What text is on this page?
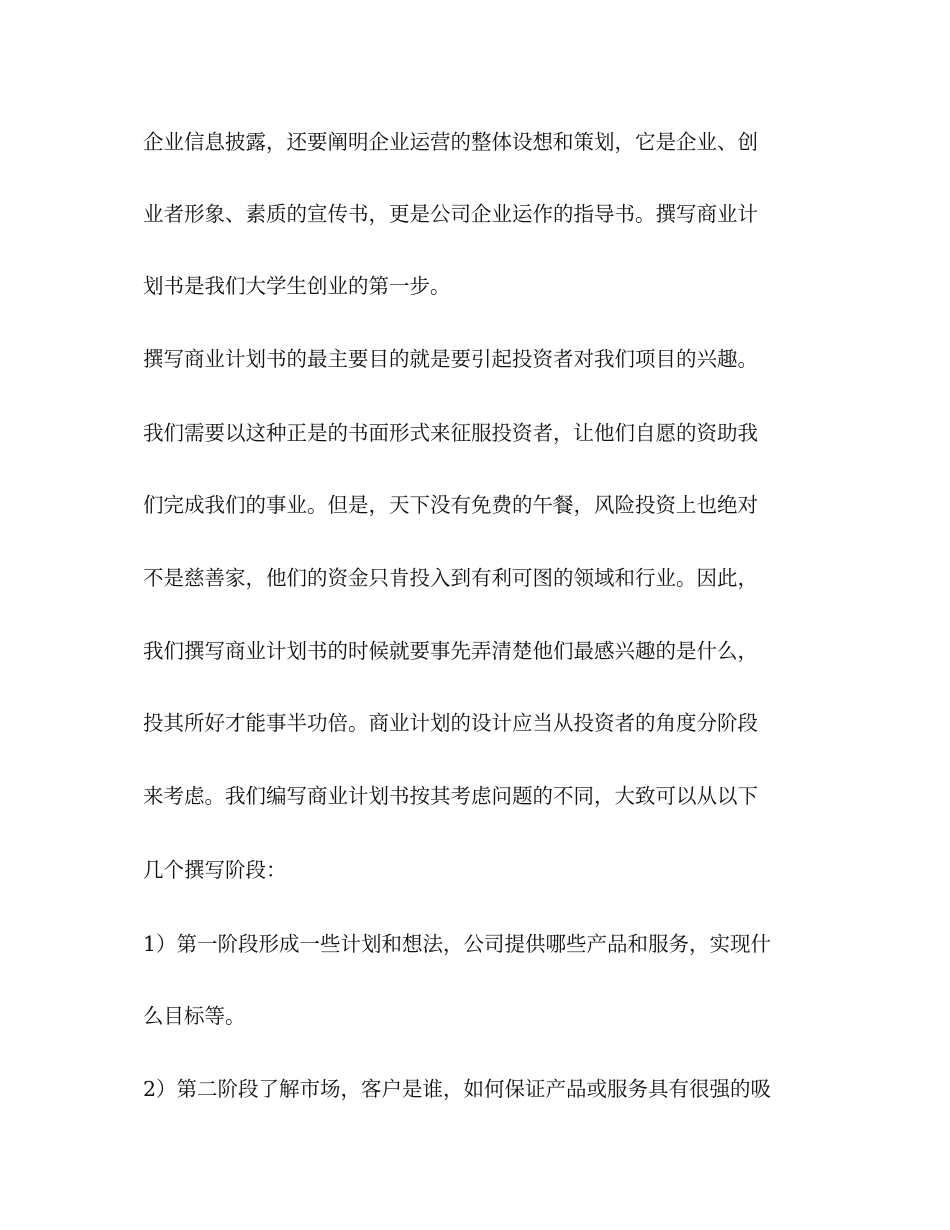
企业信息披露，还要阐明企业运营的整体设想和策划，它是企业、创
业者形象、素质的宣传书，更是公司企业运作的指导书。撰写商业计
划书是我们大学生创业的第一步。
撰写商业计划书的最主要目的就是要引起投资者对我们项目的兴趣。
我们需要以这种正是的书面形式来征服投资者，让他们自愿的资助我
们完成我们的事业。但是，天下没有免费的午餐，风险投资上也绝对
不是慈善家，他们的资金只肯投入到有利可图的领域和行业。因此，
我们撰写商业计划书的时候就要事先弄清楚他们最感兴趣的是什么，
投其所好才能事半功倍。商业计划的设计应当从投资者的角度分阶段
来考虑。我们编写商业计划书按其考虑问题的不同，大致可以从以下
几个撰写阶段：
1）第一阶段形成一些计划和想法，公司提供哪些产品和服务，实现什
么目标等。
2）第二阶段了解市场，客户是谁，如何保证产品或服务具有很强的吸
